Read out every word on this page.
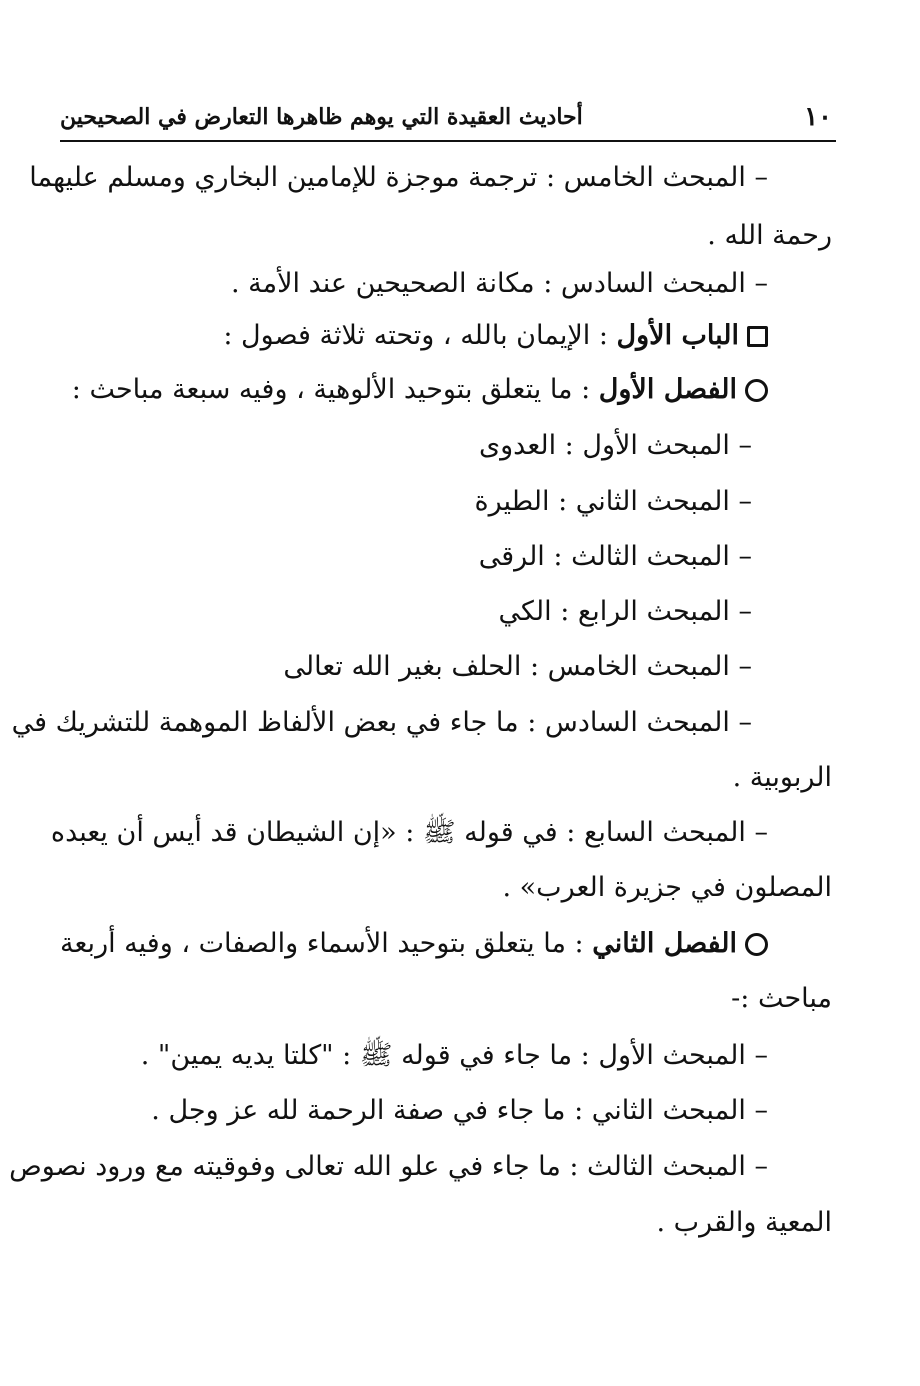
١٠
أحاديث العقيدة التي يوهم ظاهرها التعارض في الصحيحين
– المبحث الخامس : ترجمة موجزة للإمامين البخاري ومسلم عليهما
رحمة الله .
– المبحث السادس : مكانة الصحيحين عند الأمة .
الباب الأول : الإيمان بالله ، وتحته ثلاثة فصول :
الفصل الأول : ما يتعلق بتوحيد الألوهية ، وفيه سبعة مباحث :
– المبحث الأول : العدوى
– المبحث الثاني : الطيرة
– المبحث الثالث : الرقى
– المبحث الرابع : الكي
– المبحث الخامس : الحلف بغير الله تعالى
– المبحث السادس : ما جاء في بعض الألفاظ الموهمة للتشريك في
الربوبية .
– المبحث السابع : في قوله ﷺ : «إن الشيطان قد أيس أن يعبده
المصلون في جزيرة العرب» .
الفصل الثاني : ما يتعلق بتوحيد الأسماء والصفات ، وفيه أربعة
مباحث :-
– المبحث الأول : ما جاء في قوله ﷺ : "كلتا يديه يمين" .
– المبحث الثاني : ما جاء في صفة الرحمة لله عز وجل .
– المبحث الثالث : ما جاء في علو الله تعالى وفوقيته مع ورود نصوص
المعية والقرب .
